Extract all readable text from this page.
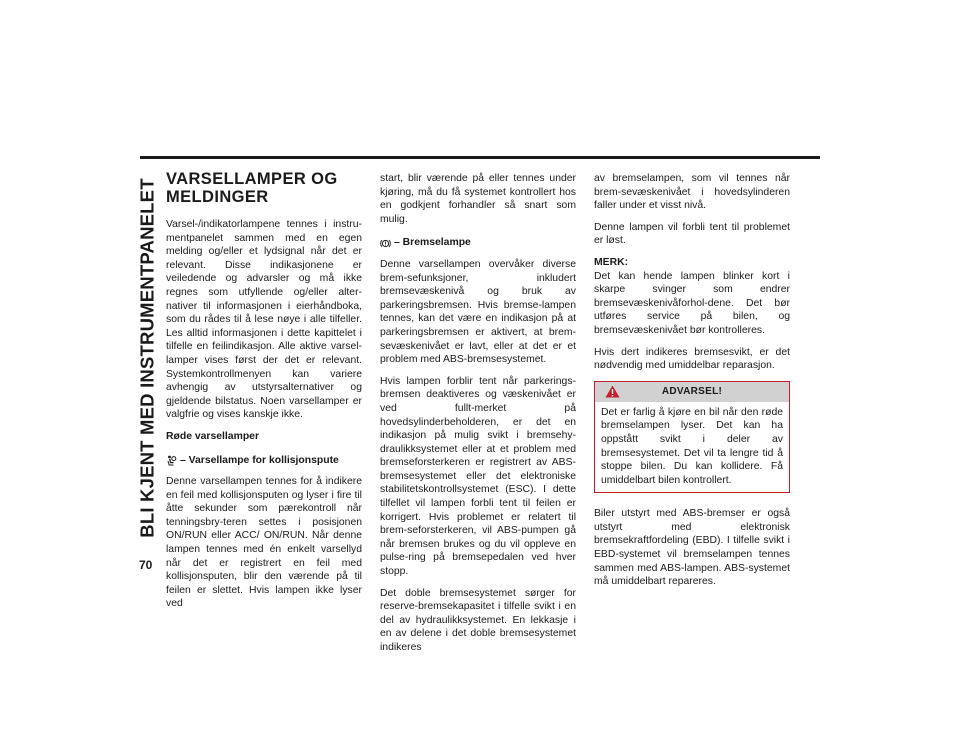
BLI KJENT MED INSTRUMENTPANELET
70
VARSELLAMPER OG MELDINGER

Varsel-/indikatorlampene tennes i instru-mentpanelet sammen med en egen melding og/eller et lydsignal når det er relevant. Disse indikasjonene er veiledende og advarsler og må ikke regnes som utfyllende og/eller alter-nativer til informasjonen i eierhåndboka, som du rådes til å lese nøye i alle tilfeller. Les alltid informasjonen i dette kapittelet i tilfelle en feilindikasjon. Alle aktive varsel-lamper vises først der det er relevant. Systemkontrollmenyen kan variere avhengig av utstyrsalternativer og gjeldende bilstatus. Noen varsellamper er valgfrie og vises kanskje ikke.

Røde varsellamper
– Varsellampe for kollisjonspute

Denne varsellampen tennes for å indikere en feil med kollisjonsputen og lyser i fire til åtte sekunder som pærekontroll når tenningsbry-teren settes i posisjonen ON/RUN eller ACC/ ON/RUN. Når denne lampen tennes med én enkelt varsellyd når det er registrert en feil med kollisjonsputen, blir den værende på til feilen er slettet. Hvis lampen ikke lyser ved

start, blir værende på eller tennes under kjøring, må du få systemet kontrollert hos en godkjent forhandler så snart som mulig.

– Bremselampe

Denne varsellampen overvåker diverse brem-sefunksjoner, inkludert bremsevæskenivå og bruk av parkeringsbremsen. Hvis bremse-lampen tennes, kan det være en indikasjon på at parkeringsbremsen er aktivert, at brem-sevæskenivået er lavt, eller at det er et problem med ABS-bremsesystemet.

Hvis lampen forblir tent når parkerings-bremsen deaktiveres og væskenivået er ved fullt-merket på hovedsylinderbeholderen, er det en indikasjon på mulig svikt i bremsehy-draulikksystemet eller at et problem med bremseforsterkeren er registrert av ABS-bremsesystemet eller det elektroniske stabilitetskontrollsystemet (ESC). I dette tilfellet vil lampen forbli tent til feilen er korrigert. Hvis problemet er relatert til brem-seforsterkeren, vil ABS-pumpen gå når bremsen brukes og du vil oppleve en pulse-ring på bremsepedalen ved hver stopp.

Det doble bremsesystemet sørger for reserve-bremsekapasitet i tilfelle svikt i en del av hydraulikksystemet. En lekkasje i en av delene i det doble bremsesystemet indikeres

av bremselampen, som vil tennes når brem-sevæskenivået i hovedsylinderen faller under et visst nivå.

Denne lampen vil forbli tent til problemet er løst.

MERK:
Det kan hende lampen blinker kort i skarpe svinger som endrer bremsevæskenivåforhol-dene. Det bør utføres service på bilen, og bremsevæskenivået bør kontrolleres.

Hvis dert indikeres bremsesvikt, er det nødvendig med umiddelbar reparasjon.

ADVARSEL!
Det er farlig å kjøre en bil når den røde bremselampen lyser. Det kan ha oppstått svikt i deler av bremsesystemet. Det vil ta lengre tid å stoppe bilen. Du kan kollidere. Få umiddelbart bilen kontrollert.

Biler utstyrt med ABS-bremser er også utstyrt med elektronisk bremsekraftfordeling (EBD). I tilfelle svikt i EBD-systemet vil bremselampen tennes sammen med ABS-lampen. ABS-systemet må umiddelbart repareres.
